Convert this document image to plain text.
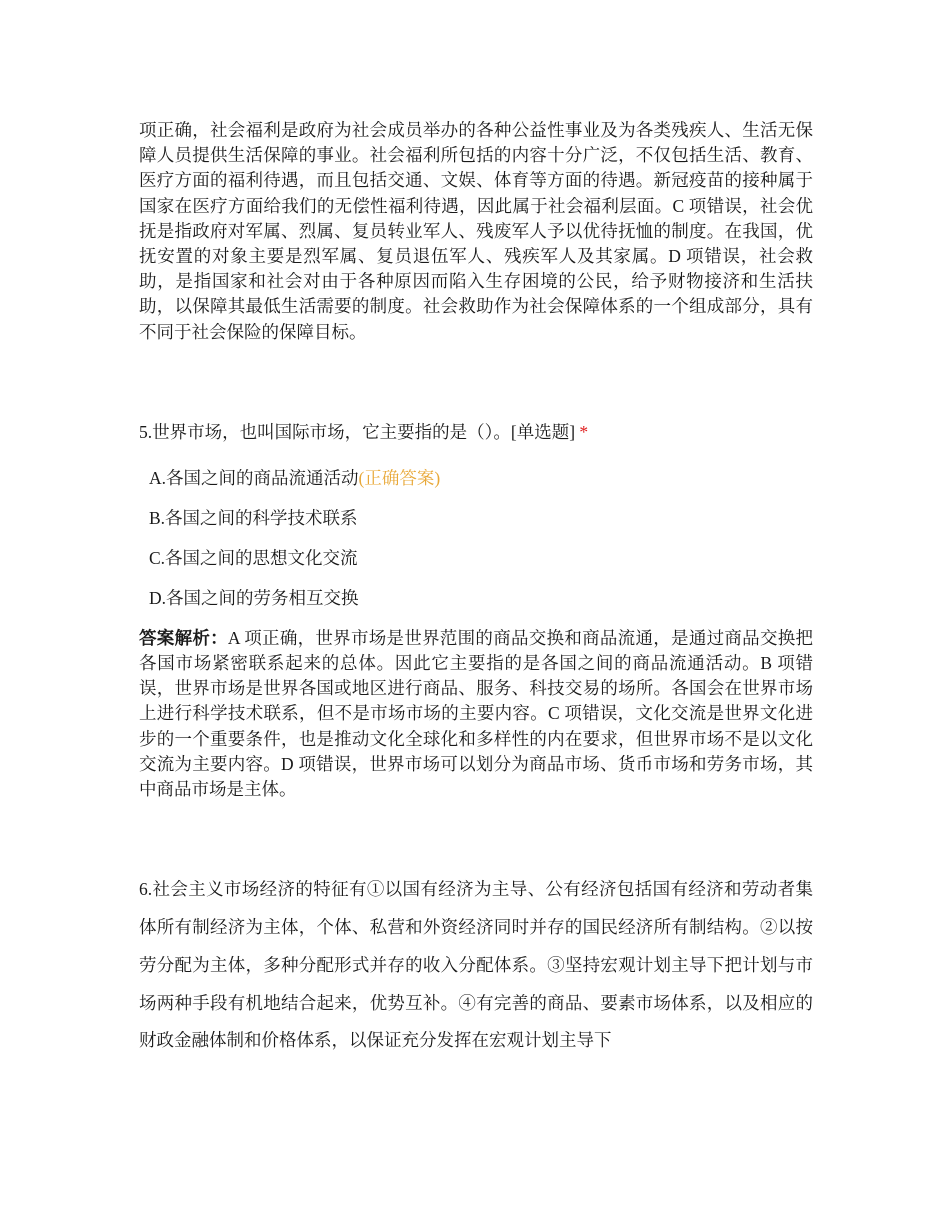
项正确，社会福利是政府为社会成员举办的各种公益性事业及为各类残疾人、生活无保障人员提供生活保障的事业。社会福利所包括的内容十分广泛，不仅包括生活、教育、医疗方面的福利待遇，而且包括交通、文娱、体育等方面的待遇。新冠疫苗的接种属于国家在医疗方面给我们的无偿性福利待遇，因此属于社会福利层面。C 项错误，社会优抚是指政府对军属、烈属、复员转业军人、残废军人予以优待抚恤的制度。在我国，优抚安置的对象主要是烈军属、复员退伍军人、残疾军人及其家属。D 项错误，社会救助，是指国家和社会对由于各种原因而陷入生存困境的公民，给予财物接济和生活扶助，以保障其最低生活需要的制度。社会救助作为社会保障体系的一个组成部分，具有不同于社会保险的保障目标。

5.世界市场，也叫国际市场，它主要指的是（）。[单选题] *

A.各国之间的商品流通活动(正确答案)
B.各国之间的科学技术联系
C.各国之间的思想文化交流
D.各国之间的劳务相互交换

答案解析：A 项正确，世界市场是世界范围的商品交换和商品流通，是通过商品交换把各国市场紧密联系起来的总体。因此它主要指的是各国之间的商品流通活动。B 项错误，世界市场是世界各国或地区进行商品、服务、科技交易的场所。各国会在世界市场上进行科学技术联系，但不是市场市场的主要内容。C 项错误，文化交流是世界文化进步的一个重要条件，也是推动文化全球化和多样性的内在要求，但世界市场不是以文化交流为主要内容。D 项错误，世界市场可以划分为商品市场、货币市场和劳务市场，其中商品市场是主体。

6.社会主义市场经济的特征有①以国有经济为主导、公有经济包括国有经济和劳动者集体所有制经济为主体，个体、私营和外资经济同时并存的国民经济所有制结构。②以按劳分配为主体，多种分配形式并存的收入分配体系。③坚持宏观计划主导下把计划与市场两种手段有机地结合起来，优势互补。④有完善的商品、要素市场体系，以及相应的财政金融体制和价格体系，以保证充分发挥在宏观计划主导下
